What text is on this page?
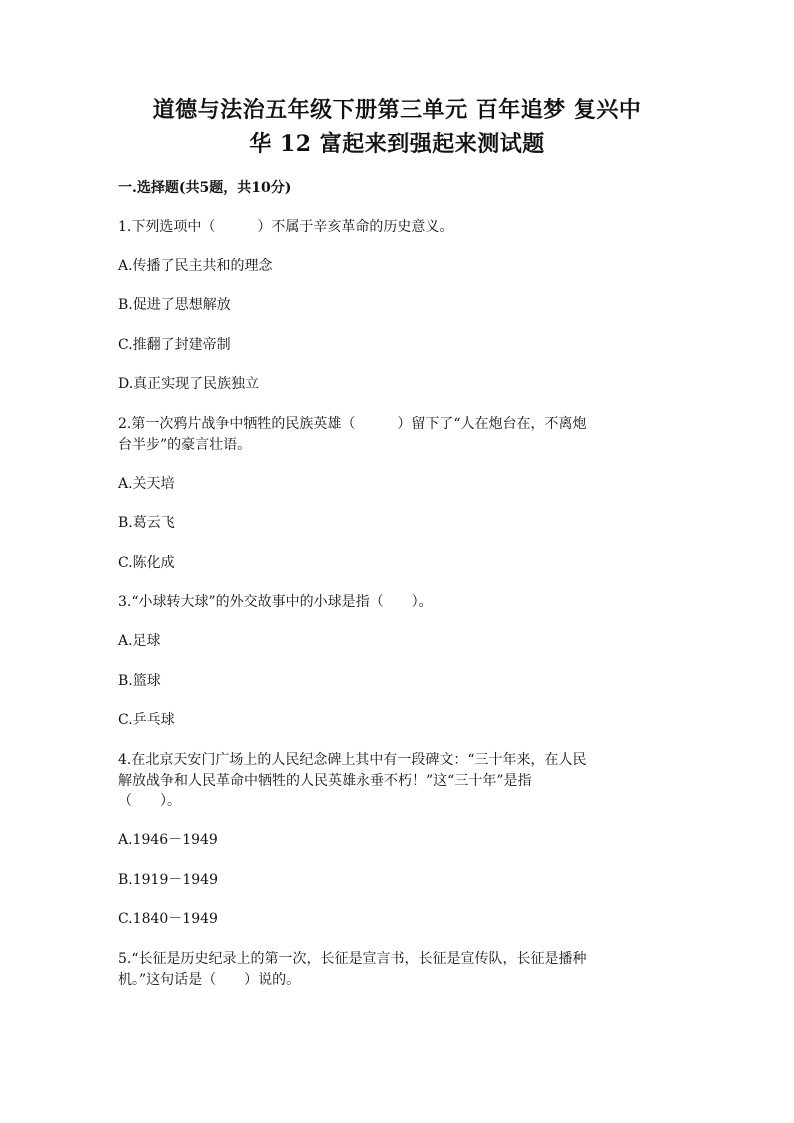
道德与法治五年级下册第三单元 百年追梦 复兴中
华 12 富起来到强起来测试题
一.选择题(共5题，共10分)
1.下列选项中（　　　）不属于辛亥革命的历史意义。
A.传播了民主共和的理念
B.促进了思想解放
C.推翻了封建帝制
D.真正实现了民族独立
2.第一次鸦片战争中牺牲的民族英雄（　　　）留下了“人在炮台在，不离炮
台半步”的豪言壮语。
A.关天培
B.葛云飞
C.陈化成
3.“小球转大球”的外交故事中的小球是指（　　）。
A.足球
B.篮球
C.乒乓球
4.在北京天安门广场上的人民纪念碑上其中有一段碑文：“三十年来，在人民
解放战争和人民革命中牺牲的人民英雄永垂不朽！”这“三十年”是指
（　　）。
A.1946－1949
B.1919－1949
C.1840－1949
5.“长征是历史纪录上的第一次，长征是宣言书，长征是宣传队，长征是播种
机。”这句话是（　　）说的。
